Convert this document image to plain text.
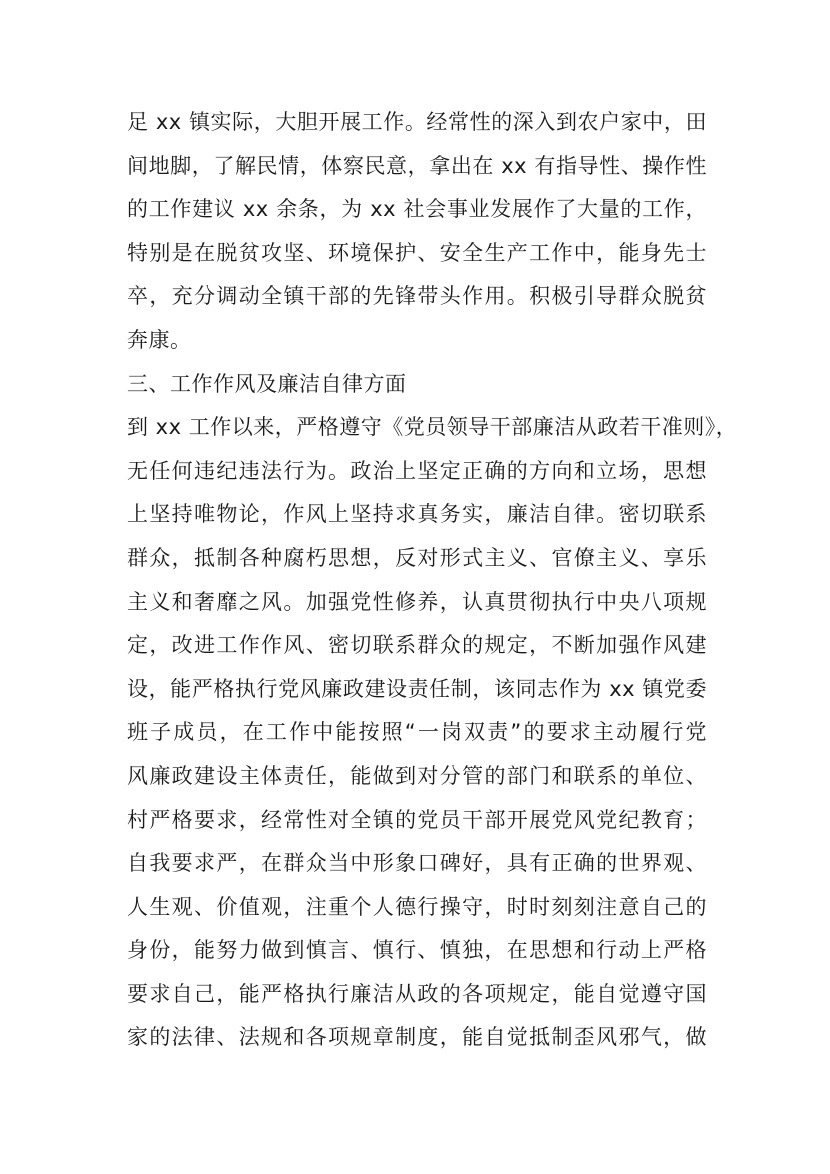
足 xx 镇实际，大胆开展工作。经常性的深入到农户家中，田
间地脚，了解民情，体察民意，拿出在 xx 有指导性、操作性
的工作建议 xx 余条，为 xx 社会事业发展作了大量的工作，
特别是在脱贫攻坚、环境保护、安全生产工作中，能身先士
卒，充分调动全镇干部的先锋带头作用。积极引导群众脱贫
奔康。
三、工作作风及廉洁自律方面
到 xx 工作以来，严格遵守《党员领导干部廉洁从政若干准则》，
无任何违纪违法行为。政治上坚定正确的方向和立场，思想
上坚持唯物论，作风上坚持求真务实，廉洁自律。密切联系
群众，抵制各种腐朽思想，反对形式主义、官僚主义、享乐
主义和奢靡之风。加强党性修养，认真贯彻执行中央八项规
定，改进工作作风、密切联系群众的规定，不断加强作风建
设，能严格执行党风廉政建设责任制，该同志作为 xx 镇党委
班子成员，在工作中能按照“一岗双责”的要求主动履行党
风廉政建设主体责任，能做到对分管的部门和联系的单位、
村严格要求，经常性对全镇的党员干部开展党风党纪教育；
自我要求严，在群众当中形象口碑好，具有正确的世界观、
人生观、价值观，注重个人德行操守，时时刻刻注意自己的
身份，能努力做到慎言、慎行、慎独，在思想和行动上严格
要求自己，能严格执行廉洁从政的各项规定，能自觉遵守国
家的法律、法规和各项规章制度，能自觉抵制歪风邪气，做
